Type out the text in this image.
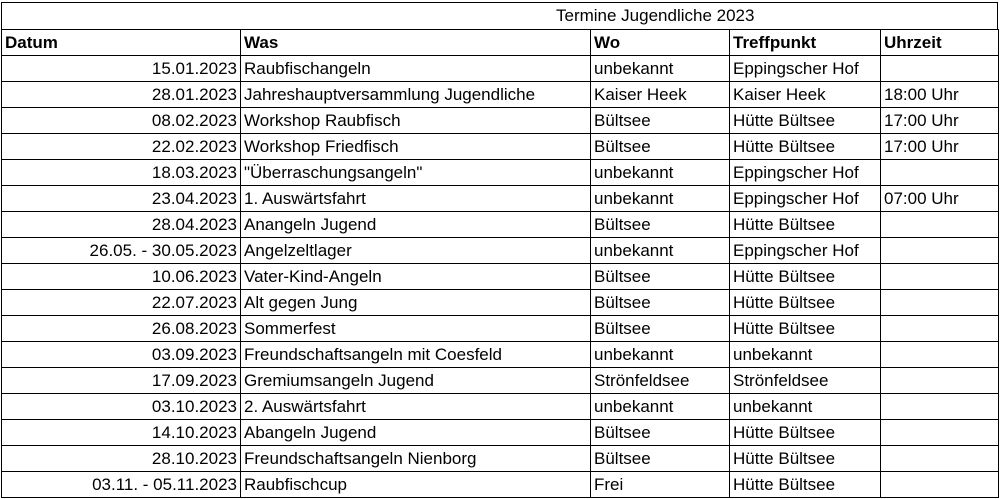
Termine Jugendliche 2023
Datum	Was	Wo	Treffpunkt	Uhrzeit
15.01.2023	Raubfischangeln	unbekannt	Eppingscher Hof	
28.01.2023	Jahreshauptversammlung Jugendliche	Kaiser Heek	Kaiser Heek	18:00 Uhr
08.02.2023	Workshop Raubfisch	Bültsee	Hütte Bültsee	17:00 Uhr
22.02.2023	Workshop Friedfisch	Bültsee	Hütte Bültsee	17:00 Uhr
18.03.2023	"Überraschungsangeln"	unbekannt	Eppingscher Hof	
23.04.2023	1. Auswärtsfahrt	unbekannt	Eppingscher Hof	07:00 Uhr
28.04.2023	Anangeln Jugend	Bültsee	Hütte Bültsee	
26.05. - 30.05.2023	Angelzeltlager	unbekannt	Eppingscher Hof	
10.06.2023	Vater-Kind-Angeln	Bültsee	Hütte Bültsee	
22.07.2023	Alt gegen Jung	Bültsee	Hütte Bültsee	
26.08.2023	Sommerfest	Bültsee	Hütte Bültsee	
03.09.2023	Freundschaftsangeln mit Coesfeld	unbekannt	unbekannt	
17.09.2023	Gremiumsangeln Jugend	Strönfeldsee	Strönfeldsee	
03.10.2023	2. Auswärtsfahrt	unbekannt	unbekannt	
14.10.2023	Abangeln Jugend	Bültsee	Hütte Bültsee	
28.10.2023	Freundschaftsangeln Nienborg	Bültsee	Hütte Bültsee	
03.11. - 05.11.2023	Raubfischcup	Frei	Hütte Bültsee	
